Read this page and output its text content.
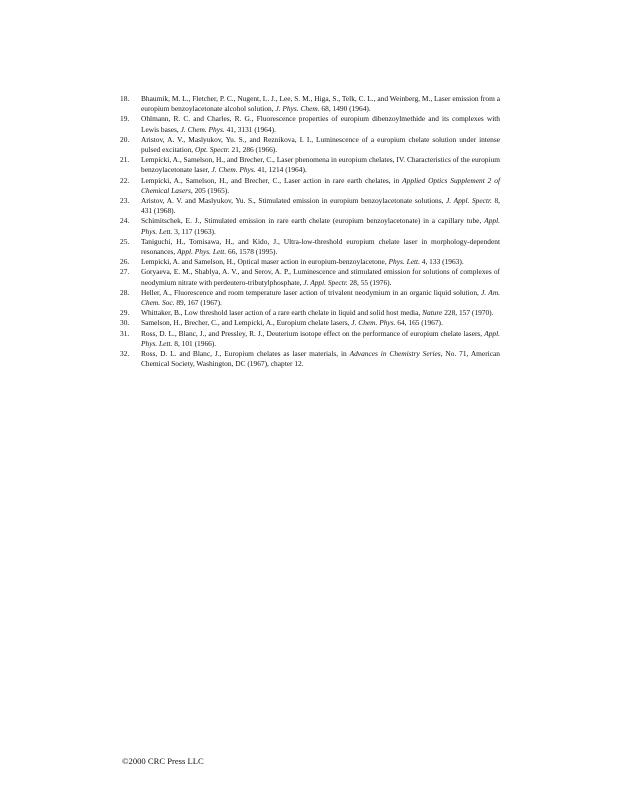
18. Bhaumik, M. L., Fletcher, P. C., Nugent, L. J., Lee, S. M., Higa, S., Telk, C. L., and Weinberg, M., Laser emission from a europium benzoylacetonate alcohol solution, J. Phys. Chem. 68, 1490 (1964).

19. Ohlmann, R. C. and Charles, R. G., Fluorescence properties of europium dibenzoylmethide and its complexes with Lewis bases, J. Chem. Phys. 41, 3131 (1964).

20. Aristov, A. V., Maslyukov, Yu. S., and Reznikova, I. I., Luminescence of a europium chelate solution under intense pulsed excitation, Opt. Spectr. 21, 286 (1966).

21. Lempicki, A., Samelson, H., and Brecher, C., Laser phenomena in europium chelates, IV. Characteristics of the europium benzoylacetonate laser, J. Chem. Phys. 41, 1214 (1964).

22. Lempicki, A., Samelson, H., and Brecher, C., Laser action in rare earth chelates, in Applied Optics Supplement 2 of Chemical Lasers, 205 (1965).

23. Aristov, A. V. and Maslyukov, Yu. S., Stimulated emission in europium benzoylacetonate solutions, J. Appl. Spectr. 8, 431 (1968).

24. Schimitschek, E. J., Stimulated emission in rare earth chelate (europium benzoylacetonate) in a capillary tube, Appl. Phys. Lett. 3, 117 (1963).

25. Taniguchi, H., Tomisawa, H., and Kido, J., Ultra-low-threshold europium chelate laser in morphology-dependent resonances, Appl. Phys. Lett. 66, 1578 (1995).

26. Lempicki, A. and Samelson, H., Optical maser action in europium-benzoylacetone, Phys. Lett. 4, 133 (1963).

27. Goryaeva, E. M., Shablya, A. V., and Serov, A. P., Luminescence and stimulated emission for solutions of complexes of neodymium nitrate with perdeutero-tributylphosphate, J. Appl. Spectr. 28, 55 (1976).

28. Heller, A., Fluorescence and room temperature laser action of trivalent neodymium in an organic liquid solution, J. Am. Chem. Soc. 89, 167 (1967).

29. Whittaker, B., Low threshold laser action of a rare earth chelate in liquid and solid host media, Nature 228, 157 (1970).

30. Samelson, H., Brecher, C., and Lempicki, A., Europium chelate lasers, J. Chem. Phys. 64, 165 (1967).

31. Ross, D. L., Blanc, J., and Pressley, R. J., Deuterium isotope effect on the performance of europium chelate lasers, Appl. Phys. Lett. 8, 101 (1966).

32. Ross, D. L. and Blanc, J., Europium chelates as laser materials, in Advances in Chemistry Series, No. 71, American Chemical Society, Washington, DC (1967), chapter 12.

©2000 CRC Press LLC
